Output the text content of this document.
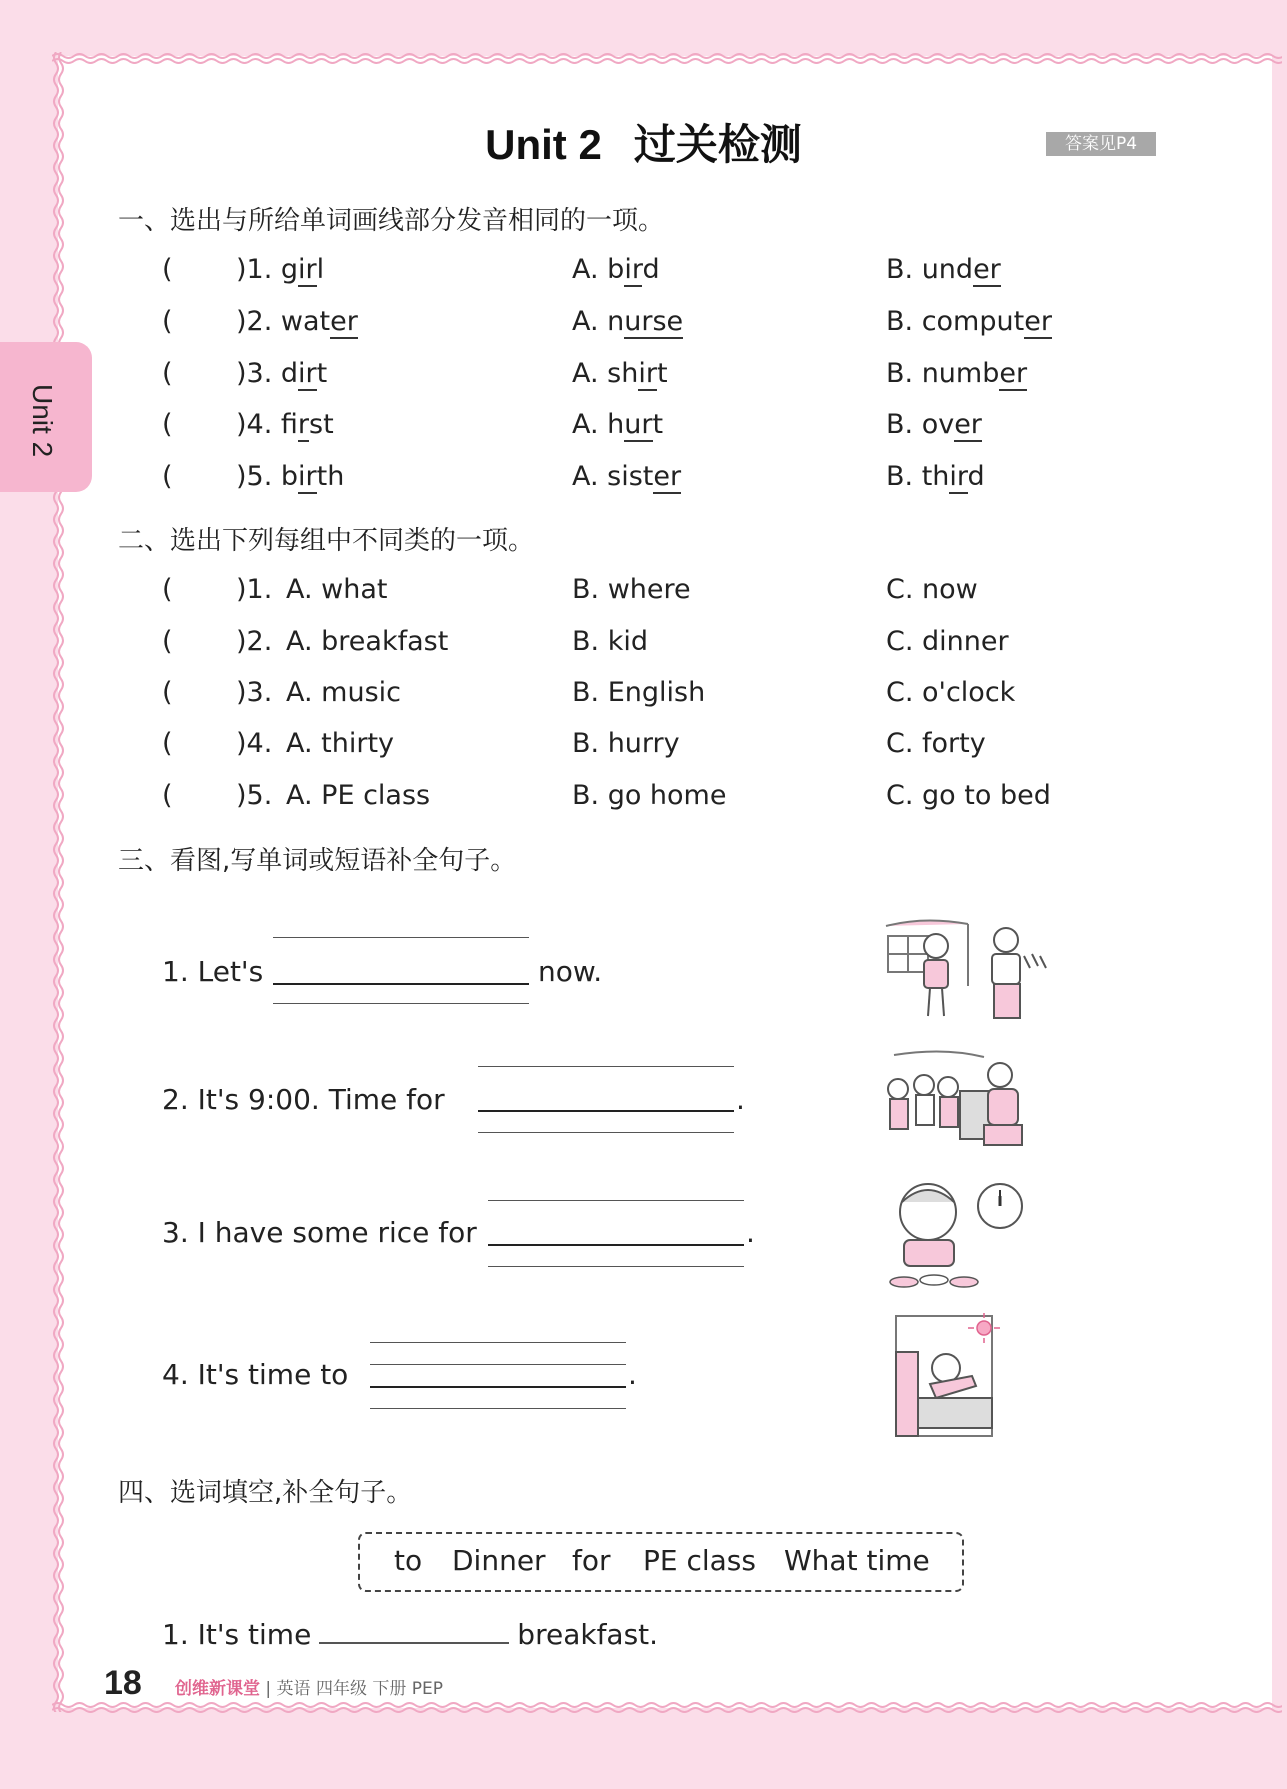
Unit 2
Unit 2 过关检测	答案见P4
一、选出与所给单词画线部分发音相同的一项。
( )1. girl	A. bird	B. under
( )2. water	A. nurse	B. computer
( )3. dirt	A. shirt	B. number
( )4. first	A. hurt	B. over
( )5. birth	A. sister	B. third
二、选出下列每组中不同类的一项。
( )1. A. what	B. where	C. now
( )2. A. breakfast	B. kid	C. dinner
( )3. A. music	B. English	C. o'clock
( )4. A. thirty	B. hurry	C. forty
( )5. A. PE class	B. go home	C. go to bed
三、看图,写单词或短语补全句子。
1. Let's	now.
2. It's 9:00. Time for	.
3. I have some rice for	.
4. It's time to	.
四、选词填空,补全句子。
to Dinner for PE class What time
1. It's time	breakfast.
18 创维新课堂 | 英语 四年级 下册 PEP
